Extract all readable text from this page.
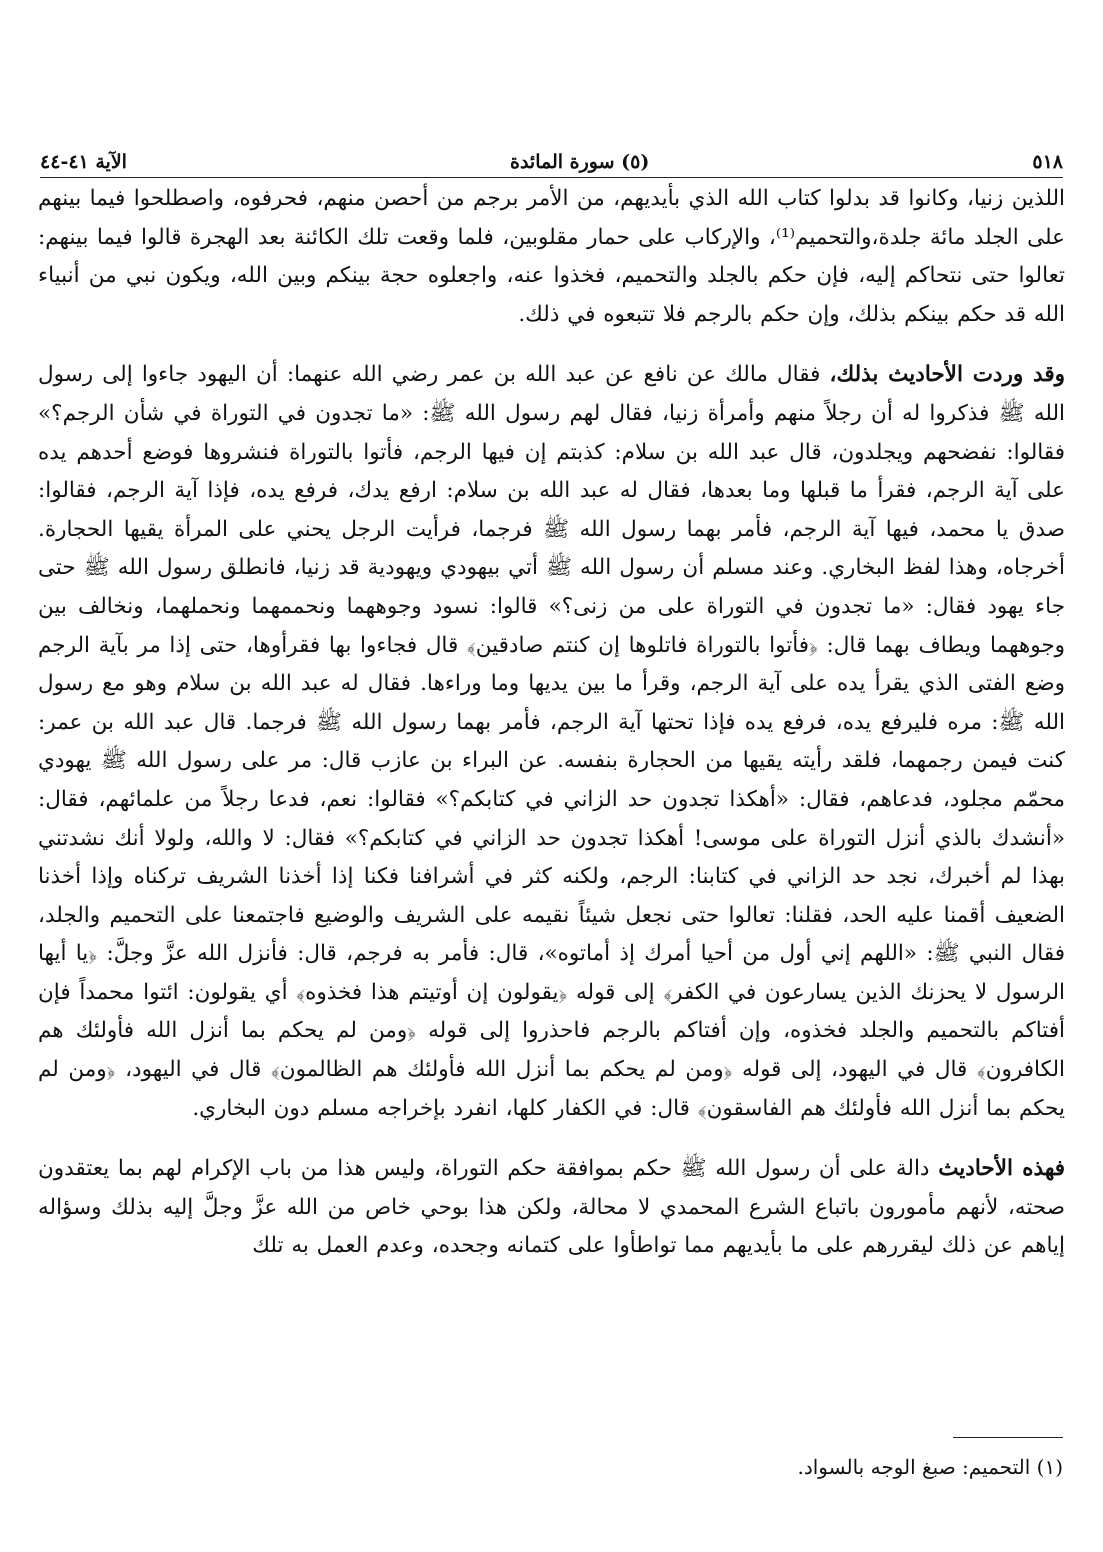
٥١٨
(٥) سورة المائدة
الآية ٤١-٤٤

اللذين زنيا، وكانوا قد بدلوا كتاب الله الذي بأيديهم، من الأمر برجم من أحصن منهم، فحرفوه، واصطلحوا فيما بينهم على الجلد مائة جلدة،والتحميم⁽¹⁾، والإركاب على حمار مقلوبين، فلما وقعت تلك الكائنة بعد الهجرة قالوا فيما بينهم: تعالوا حتى نتحاكم إليه، فإن حكم بالجلد والتحميم، فخذوا عنه، واجعلوه حجة بينكم وبين الله، ويكون نبي من أنبياء الله قد حكم بينكم بذلك، وإن حكم بالرجم فلا تتبعوه في ذلك.

وقد وردت الأحاديث بذلك، فقال مالك عن نافع عن عبد الله بن عمر رضي الله عنهما: أن اليهود جاءوا إلى رسول الله ﷺ فذكروا له أن رجلاً منهم وأمرأة زنيا، فقال لهم رسول الله ﷺ: «ما تجدون في التوراة في شأن الرجم؟» فقالوا: نفضحهم ويجلدون، قال عبد الله بن سلام: كذبتم إن فيها الرجم، فأتوا بالتوراة فنشروها فوضع أحدهم يده على آية الرجم، فقرأ ما قبلها وما بعدها، فقال له عبد الله بن سلام: ارفع يدك، فرفع يده، فإذا آية الرجم، فقالوا: صدق يا محمد، فيها آية الرجم، فأمر بهما رسول الله ﷺ فرجما، فرأيت الرجل يحني على المرأة يقيها الحجارة. أخرجاه، وهذا لفظ البخاري. وعند مسلم أن رسول الله ﷺ أتي بيهودي ويهودية قد زنيا، فانطلق رسول الله ﷺ حتى جاء يهود فقال: «ما تجدون في التوراة على من زنى؟» قالوا: نسود وجوههما ونحممهما ونحملهما، ونخالف بين وجوههما ويطاف بهما قال: ﴿فأتوا بالتوراة فاتلوها إن كنتم صادقين﴾ قال فجاءوا بها فقرأوها، حتى إذا مر بآية الرجم وضع الفتى الذي يقرأ يده على آية الرجم، وقرأ ما بين يديها وما وراءها. فقال له عبد الله بن سلام وهو مع رسول الله ﷺ: مره فليرفع يده، فرفع يده فإذا تحتها آية الرجم، فأمر بهما رسول الله ﷺ فرجما. قال عبد الله بن عمر: كنت فيمن رجمهما، فلقد رأيته يقيها من الحجارة بنفسه. عن البراء بن عازب قال: مر على رسول الله ﷺ يهودي محمّم مجلود، فدعاهم، فقال: «أهكذا تجدون حد الزاني في كتابكم؟» فقالوا: نعم، فدعا رجلاً من علمائهم، فقال: «أنشدك بالذي أنزل التوراة على موسى! أهكذا تجدون حد الزاني في كتابكم؟» فقال: لا والله، ولولا أنك نشدتني بهذا لم أخبرك، نجد حد الزاني في كتابنا: الرجم، ولكنه كثر في أشرافنا فكنا إذا أخذنا الشريف تركناه وإذا أخذنا الضعيف أقمنا عليه الحد، فقلنا: تعالوا حتى نجعل شيئاً نقيمه على الشريف والوضيع فاجتمعنا على التحميم والجلد، فقال النبي ﷺ: «اللهم إني أول من أحيا أمرك إذ أماتوه»، قال: فأمر به فرجم، قال: فأنزل الله عزَّ وجلَّ: ﴿يا أيها الرسول لا يحزنك الذين يسارعون في الكفر﴾ إلى قوله ﴿يقولون إن أوتيتم هذا فخذوه﴾ أي يقولون: ائتوا محمداً فإن أفتاكم بالتحميم والجلد فخذوه، وإن أفتاكم بالرجم فاحذروا إلى قوله ﴿ومن لم يحكم بما أنزل الله فأولئك هم الكافرون﴾ قال في اليهود، إلى قوله ﴿ومن لم يحكم بما أنزل الله فأولئك هم الظالمون﴾ قال في اليهود، ﴿ومن لم يحكم بما أنزل الله فأولئك هم الفاسقون﴾ قال: في الكفار كلها، انفرد بإخراجه مسلم دون البخاري.

فهذه الأحاديث دالة على أن رسول الله ﷺ حكم بموافقة حكم التوراة، وليس هذا من باب الإكرام لهم بما يعتقدون صحته، لأنهم مأمورون باتباع الشرع المحمدي لا محالة، ولكن هذا بوحي خاص من الله عزَّ وجلَّ إليه بذلك وسؤاله إياهم عن ذلك ليقررهم على ما بأيديهم مما تواطأوا على كتمانه وجحده، وعدم العمل به تلك

(١) التحميم: صبغ الوجه بالسواد.
